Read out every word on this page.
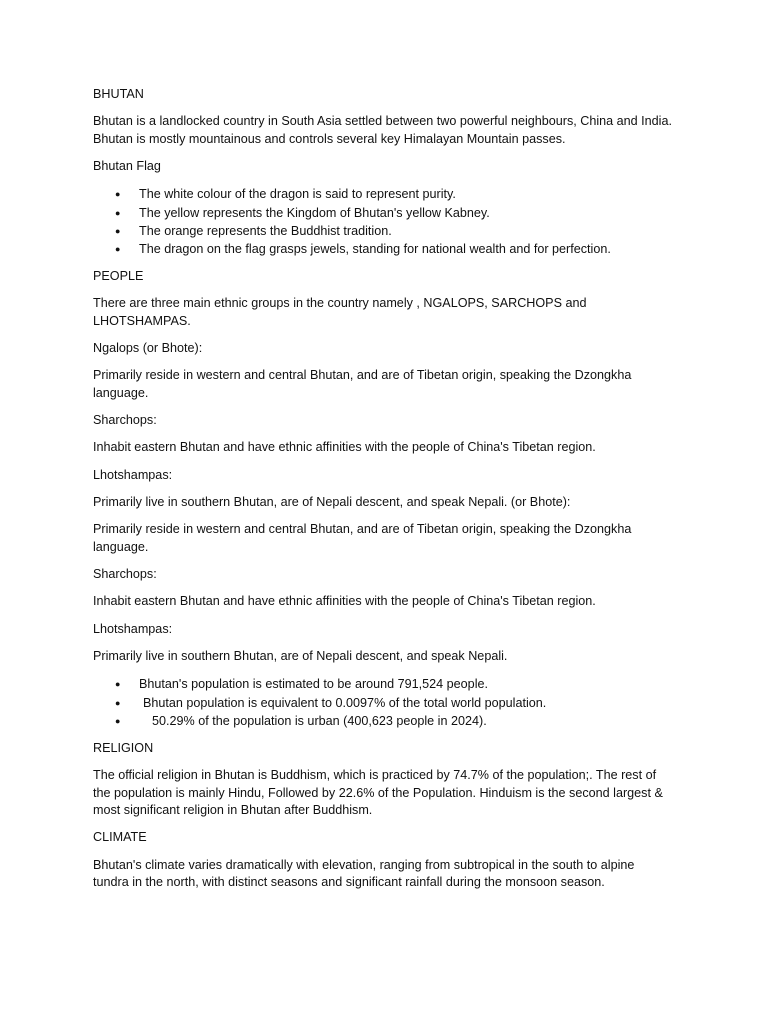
BHUTAN

Bhutan is a landlocked country in South Asia settled between two powerful neighbours, China and India. Bhutan is mostly mountainous and controls several key Himalayan Mountain passes.

Bhutan Flag

● The white colour of the dragon is said to represent purity.
● The yellow represents the Kingdom of Bhutan's yellow Kabney.
● The orange represents the Buddhist tradition.
● The dragon on the flag grasps jewels, standing for national wealth and for perfection.

PEOPLE

There are three main ethnic groups in the country namely , NGALOPS, SARCHOPS and LHOTSHAMPAS.

Ngalops (or Bhote):

Primarily reside in western and central Bhutan, and are of Tibetan origin, speaking the Dzongkha language.

Sharchops:

Inhabit eastern Bhutan and have ethnic affinities with the people of China's Tibetan region.

Lhotshampas:

Primarily live in southern Bhutan, are of Nepali descent, and speak Nepali. (or Bhote):

Primarily reside in western and central Bhutan, and are of Tibetan origin, speaking the Dzongkha language.

Sharchops:

Inhabit eastern Bhutan and have ethnic affinities with the people of China's Tibetan region.

Lhotshampas:

Primarily live in southern Bhutan, are of Nepali descent, and speak Nepali.

● Bhutan's population is estimated to be around 791,524 people.
● Bhutan population is equivalent to 0.0097% of the total world population.
● 50.29% of the population is urban (400,623 people in 2024).

RELIGION

The official religion in Bhutan is Buddhism, which is practiced by 74.7% of the population;. The rest of the population is mainly Hindu, Followed by 22.6% of the Population. Hinduism is the second largest & most significant religion in Bhutan after Buddhism.

CLIMATE

Bhutan's climate varies dramatically with elevation, ranging from subtropical in the south to alpine tundra in the north, with distinct seasons and significant rainfall during the monsoon season.
